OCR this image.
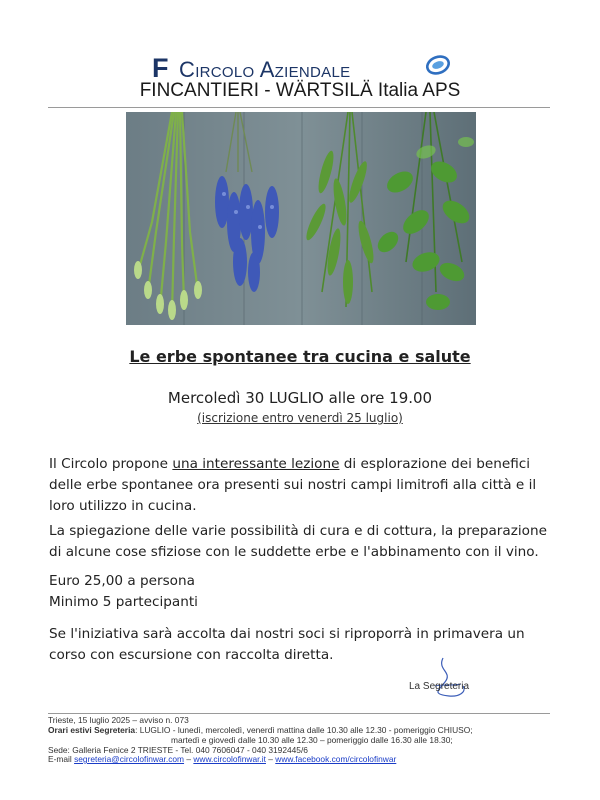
F Circolo Aziendale
FINCANTIERI - WÄRTSILÄ Italia APS
Le erbe spontanee tra cucina e salute
Mercoledì 30 LUGLIO alle ore 19.00
(iscrizione entro venerdì 25 luglio)
Il Circolo propone una interessante lezione di esplorazione dei benefici delle erbe spontanee ora presenti sui nostri campi limitrofi alla città e il loro utilizzo in cucina.
La spiegazione delle varie possibilità di cura e di cottura, la preparazione di alcune cose sfiziose con le suddette erbe e l'abbinamento con il vino.
Euro 25,00 a persona
Minimo 5 partecipanti
Se l'iniziativa sarà accolta dai nostri soci si riproporrà in primavera un corso con escursione con raccolta diretta.
La Segreteria
Trieste, 15 luglio 2025 – avviso n. 073
Orari estivi Segreteria: LUGLIO - lunedì, mercoledì, venerdì mattina dalle 10.30 alle 12.30 - pomeriggio CHIUSO;
martedì e giovedì dalle 10.30 alle 12.30 – pomeriggio dalle 16.30 alle 18.30;
Sede: Galleria Fenice 2 TRIESTE - Tel. 040 7606047 - 040 3192445/6
E-mail segreteria@circolofinwar.com – www.circolofinwar.it – www.facebook.com/circolofinwar
